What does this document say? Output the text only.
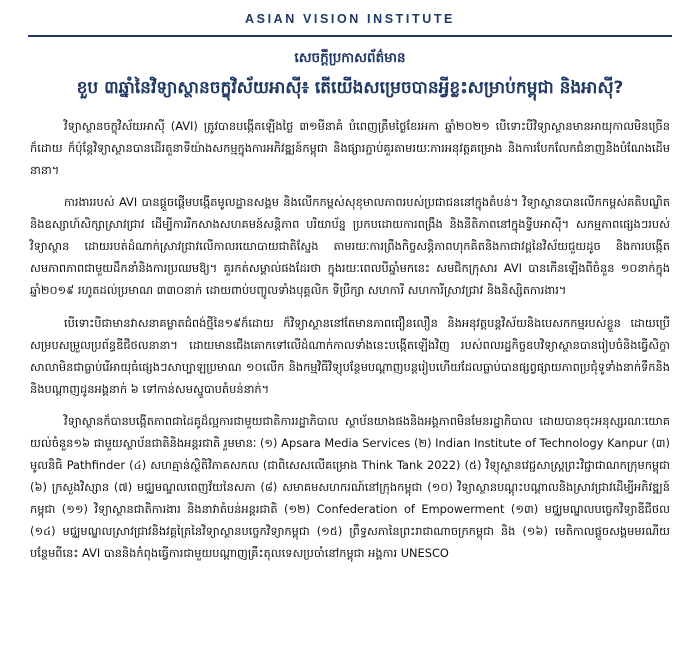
ASIAN VISION INSTITUTE
សេចក្តីប្រកាសព័ត៌មាន
ខួប ៣ឆ្នាំនៃវិទ្យាស្ថានចក្ខុវិស័យអាស៊ី៖ តើយើងសម្រេចបានអ្វីខ្លះសម្រាប់កម្ពុជា និងអាស៊ី?

វិទ្យាស្ថានចក្ខុវិស័យអាស៊ី (AVI) ត្រូវបានបង្កើតឡើងថ្ងៃ ៣១មីនាគំ បំពេញត្រឹមថ្ងៃខែរអកា ឆ្នាំ២០២១ បើទោះបីវិទ្យាស្ថានមានអាយុកាលមិនច្រើនក៏ដោយ ក៏ប៉ុន្តែវិទ្យាស្ថានបានដើរតួនាទីយ៉ាងសកម្មក្នុងការអភិវឌ្ឍន៍កម្ពុជា និងផ្សារភ្ជាប់គួរតាមរយៈការអនុវត្តគម្រោង និងការបែកលែកជំនាញនិងបំណែងដើមនានា។

ការងាររបស់ AVI បានផ្ដួចផ្ដើមបង្កើតមូលដ្ឋានសង្គម និងលើកកម្ពស់សុខុមាលភាពរបស់ប្រជាជននៅក្នុងតំបន់។ វិទ្យាស្ថានបានលើកកម្ពស់គតិបណ្ឌិត និងឧស្សាហ៍សិក្សាស្រាវជ្រាវ ដើម្បីការរីកសាងសហគមន៍សន្តិភាព បរិយាប័ន្ន ប្រកបដោយការពង្រឹង និងនីតិភាពនៅក្នុងទ្វីបអាស៊ី។ សកម្មភាពផ្សេងៗរបស់វិទ្យាស្ថាន ដោយរបត់ដំណាក់ស្រាវជ្រាវលើកាលរយោបាយជាតិស្នែង តាមរយៈការព្រឹងកិច្ចសន្តិភាពហុកគិតនិងកាជាវដ្តនៃវិស័យជួយដូច និងការបង្កើតសមភាពភាពជាមួយដឹកនាំនិងការប្រឈមឱ្យ។ គួរកត់សម្គាល់ផងដែរថា ក្នុងរយៈពេលបីឆ្នាំមកនេះ សមជិកក្រុសារ AVI បានកើនឡើងពីចំនួន ១០នាក់ក្នុងឆ្នាំ២០១៩ រហូតដល់ប្រមាណ ៣៣០នាក់ ដោយពាប់បញ្ចូលទាំងបុគ្គលិក ទីប្រឹក្សា សហការី សហការីស្រាវជ្រាវ និងនិស្សិតការងារ។

បើទោះបីជាមានវាសនាគម្លាតជំពង់ថ្មីនៃ១៩ក៏ដោយ ក៏វិទ្យាស្ថាននៅតែមានភាពជឿនលឿន និងអនុវត្តបន្តវិស័យនិងបេសកកម្មរបស់ខ្លួន ដោយប្រើសម្របសម្រួលប្រព័ន្ធឌីជីថលនានា។ ដោយមានជើងគោកទៅលើដំណាក់កាលទាំងនេះបង្កើតឡើងវិញ របស់ពលរដ្ឋកិច្ចឧបវិទ្យាស្ថានបានរៀបចំនិងធ្វើសិក្ខាសាលាមិនជាធ្លាប់រើអាយុធំផ្សេងៗសាប្បាឡប្រមាណ ១០លើក និងកម្មវិធីវិទ្យុបន្ថែមបណ្ដាញបន្តរៀបហើយដែលធ្លាប់បានផ្សព្វផ្សាយភាពប្រជុំទូទាំងនាក់ទឹកនិង និងបណ្ដាញដូនអង្គនាក់ ៦ ទៅកាន់សមស្នួបាបតំបន់នាក់។

វិទ្យាស្ថានក៏បានបង្កើតភាពជាដៃគូដ៏ល្អការជាមួយជាតិការរដ្ឋាភិបាល ស្ថាប័នយាងផងនិងអង្គភាពមិនមែនរដ្ឋាភិបាល ដោយបានចុះអនុស្សរណៈយោគយល់ចំនួន១៦ ជាមួយស្ថាប័នជាតិនិងអន្តរជាតិ រួមមានៈ (១) Apsara Media Services (២) Indian Institute of Technology Kanpur (៣) មូលនិធិ Pathfinder (៤) សហគ្មាន់ស្ថិតិវិភាគសកល (ជាពិសេសលើគម្រោង Think Tank 2022) (៥) វិទ្យុស្ថានវេជ្ជសាស្ត្រព្រះវិជ្ជាជាណកក្រុមកម្ពុជា (៦) ក្រសួងវិស្សាន (៧) មជ្ឈមណ្ឌលពេញវ័យនៃសភា (៨) សមាគមសហករណ៍នៅក្រុងកម្ពុជា (១០) វិទ្យាស្ថានបណ្ដុះបណ្ដាលនិងស្រាវជ្រាវដើម្បីអភិវឌ្ឍន៍កម្ពុជា (១១) វិទ្យាស្ថានជាតិការងារ និងនាវាតំបន់អន្តរជាតិ (១២) Confederation of Empowerment (១៣) មជ្ឈមណ្ឌលបច្ចេកវិទ្យាឌីជីថល (១៤) មជ្ឈមណ្ឌលស្រាវជ្រាវនិងវគ្គត្រៃនៃវិទ្យាស្ថានបច្ចេកវិទ្យាកម្ពុជា (១៥) ព្រឹទ្ធសភានៃព្រះរាជាណាចក្រកម្ពុជា និង (១៦) មេតិកាលផ្ដួចសង្គមមរណីយ បន្ថែមពីនេះ AVI បាននិងកំពុងធ្វើការជាមួយបណ្ដាញគ្រឹះតុលទេសប្រចាំនៅកម្ពុជា អង្គការ UNESCO
